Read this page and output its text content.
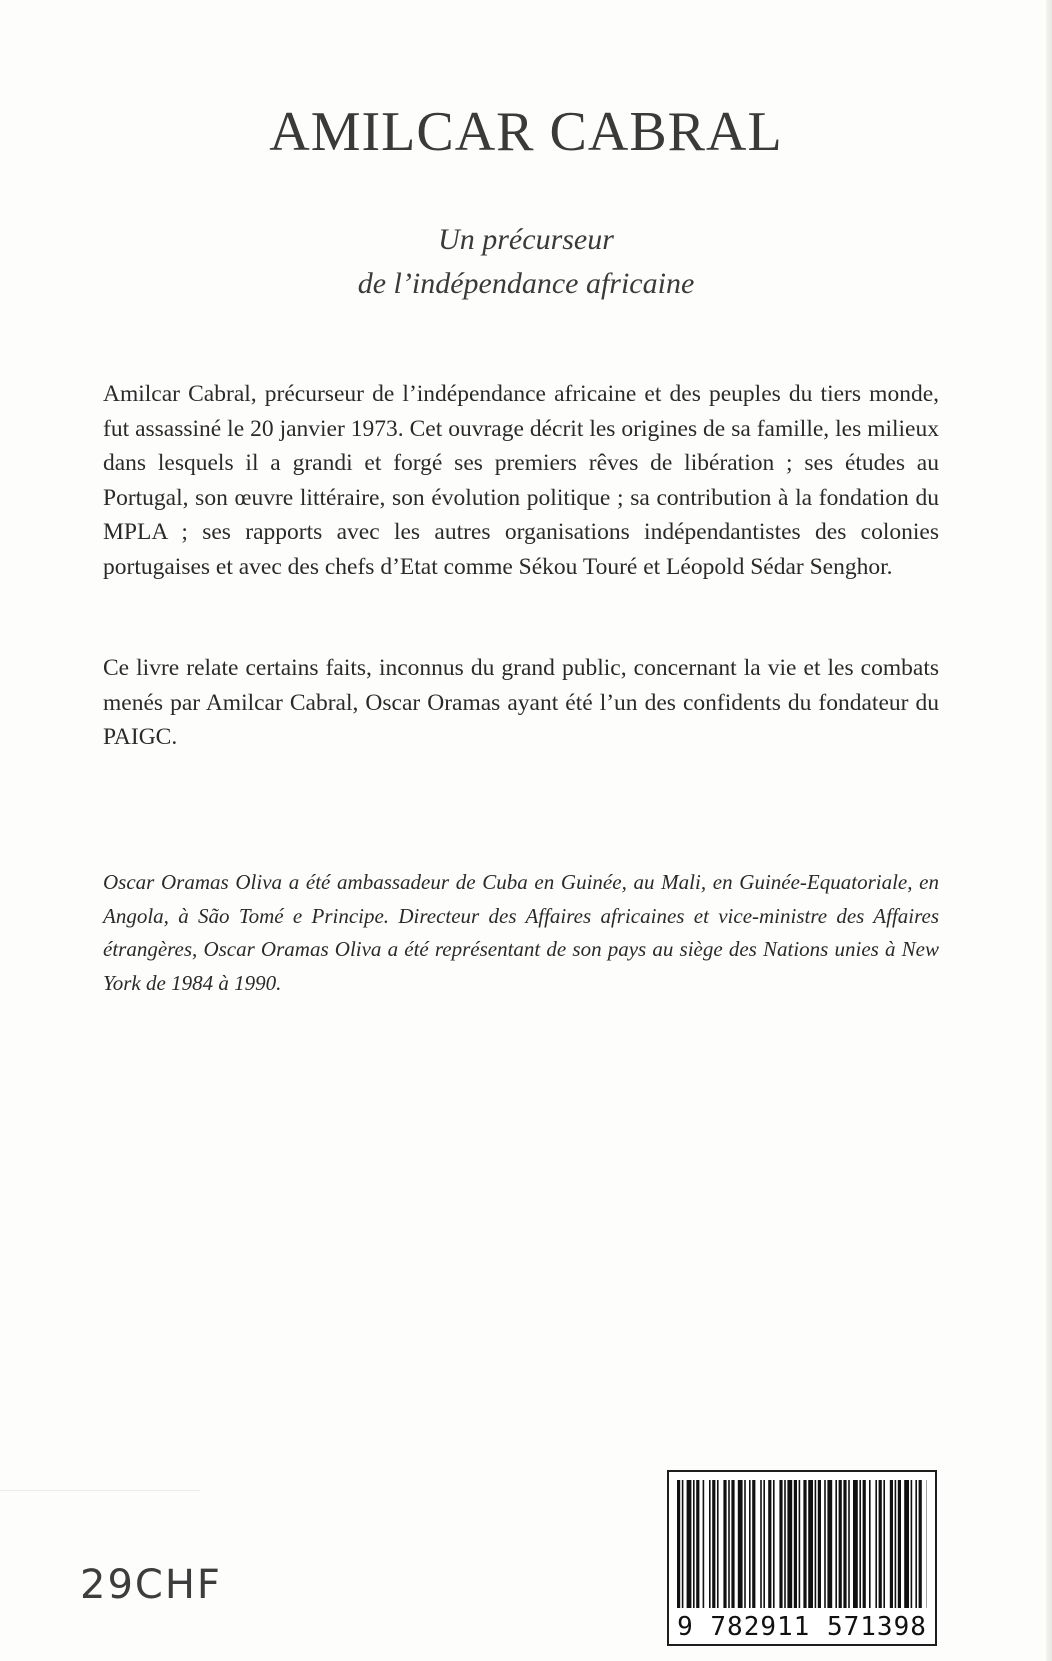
AMILCAR CABRAL
Un précurseur
de l’indépendance africaine

Amilcar Cabral, précurseur de l’indépendance africaine et des peuples du tiers monde, fut assassiné le 20 janvier 1973. Cet ouvrage décrit les origines de sa famille, les milieux dans lesquels il a grandi et forgé ses premiers rêves de libération ; ses études au Portugal, son œuvre littéraire, son évolution politique ; sa contribution à la fondation du MPLA ; ses rapports avec les autres organisations indépendantistes des colonies portugaises et avec des chefs d’Etat comme Sékou Touré et Léopold Sédar Senghor.

Ce livre relate certains faits, inconnus du grand public, concernant la vie et les combats menés par Amilcar Cabral, Oscar Oramas ayant été l’un des confidents du fondateur du PAIGC.

Oscar Oramas Oliva a été ambassadeur de Cuba en Guinée, au Mali, en Guinée-Equatoriale, en Angola, à São Tomé e Principe. Directeur des Affaires africaines et vice-ministre des Affaires étrangères, Oscar Oramas Oliva a été représentant de son pays au siège des Nations unies à New York de 1984 à 1990.

29CHF
9 782911 571398
